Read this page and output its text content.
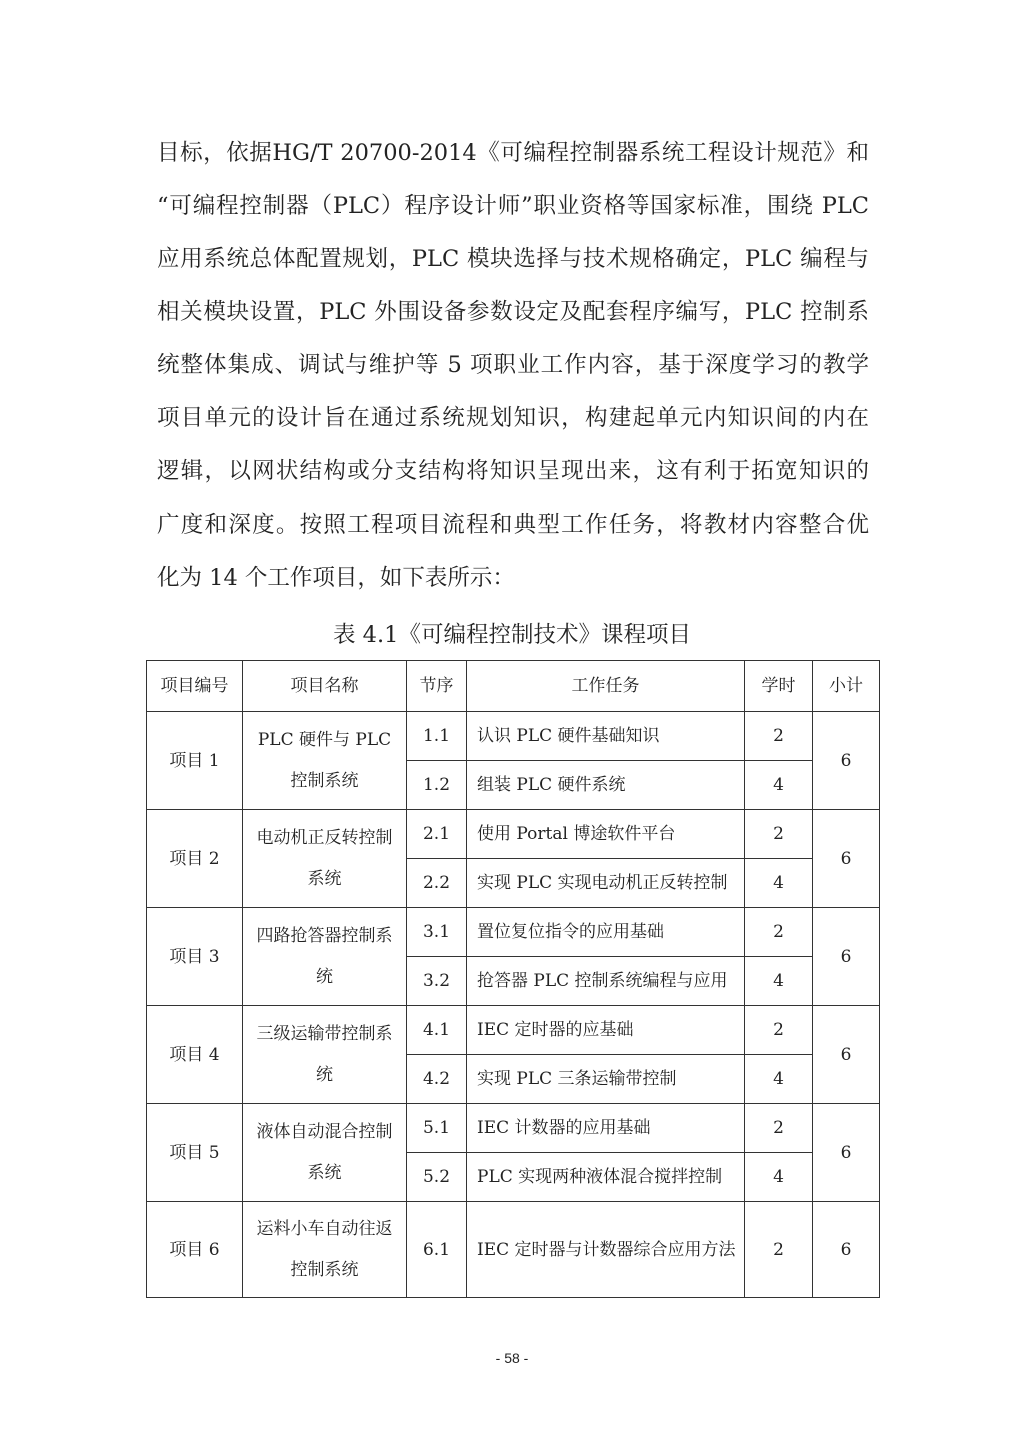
目标，依据HG/T 20700-2014《可编程控制器系统工程设计规范》和
“可编程控制器（PLC）程序设计师”职业资格等国家标准，围绕 PLC
应用系统总体配置规划，PLC 模块选择与技术规格确定，PLC 编程与
相关模块设置，PLC 外围设备参数设定及配套程序编写，PLC 控制系
统整体集成、调试与维护等 5 项职业工作内容，基于深度学习的教学
项目单元的设计旨在通过系统规划知识，构建起单元内知识间的内在
逻辑，以网状结构或分支结构将知识呈现出来，这有利于拓宽知识的
广度和深度。按照工程项目流程和典型工作任务，将教材内容整合优
化为 14 个工作项目，如下表所示：
表 4.1《可编程控制技术》课程项目
项目编号	项目名称	节序	工作任务	学时	小计
项目 1	PLC 硬件与 PLC 控制系统	1.1	认识 PLC 硬件基础知识	2	6
		1.2	组装 PLC 硬件系统	4	
项目 2	电动机正反转控制系统	2.1	使用 Portal 博途软件平台	2	6
		2.2	实现 PLC 实现电动机正反转控制	4	
项目 3	四路抢答器控制系统	3.1	置位复位指令的应用基础	2	6
		3.2	抢答器 PLC 控制系统编程与应用	4	
项目 4	三级运输带控制系统	4.1	IEC 定时器的应基础	2	6
		4.2	实现 PLC 三条运输带控制	4	
项目 5	液体自动混合控制系统	5.1	IEC 计数器的应用基础	2	6
		5.2	PLC 实现两种液体混合搅拌控制	4	
项目 6	运料小车自动往返控制系统	6.1	IEC 定时器与计数器综合应用方法	2	6
- 58 -
